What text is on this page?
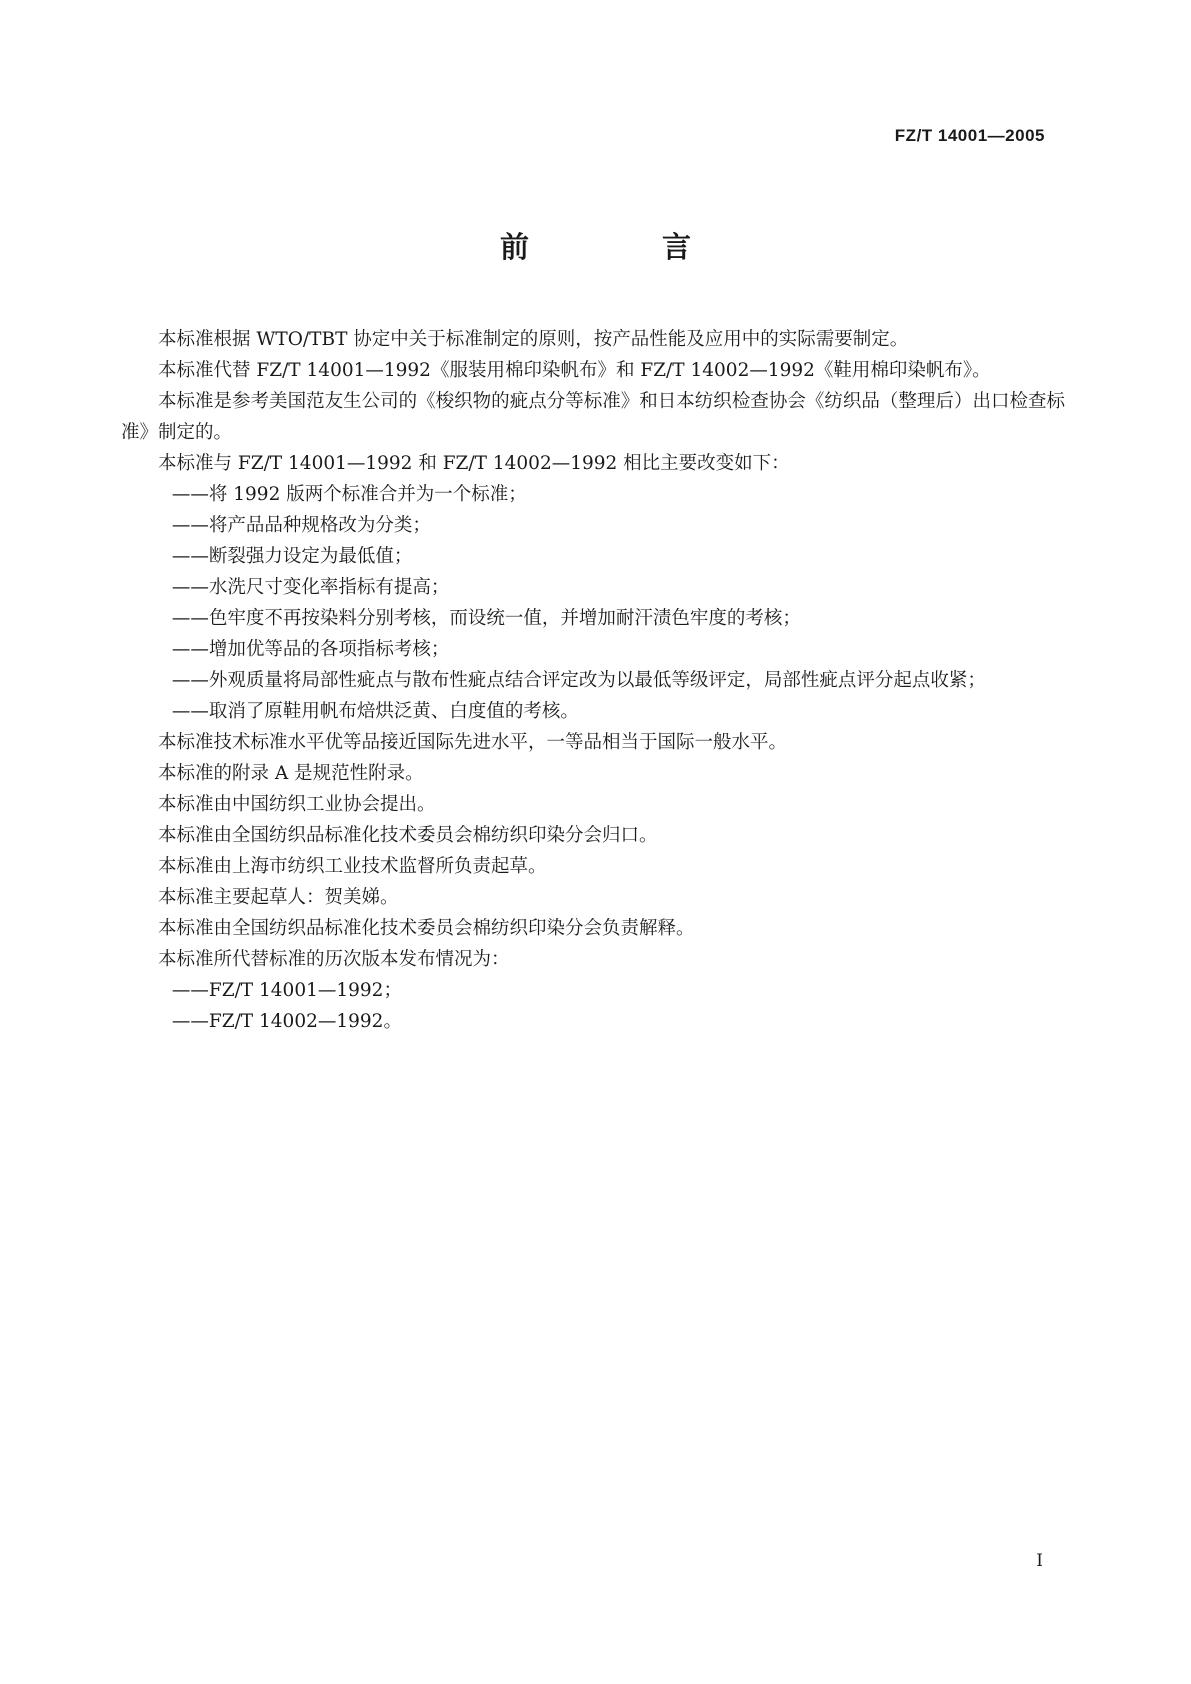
FZ/T 14001—2005
前　言

本标准根据 WTO/TBT 协定中关于标准制定的原则，按产品性能及应用中的实际需要制定。

本标准代替 FZ/T 14001—1992《服装用棉印染帆布》和 FZ/T 14002—1992《鞋用棉印染帆布》。

本标准是参考美国范友生公司的《梭织物的疵点分等标准》和日本纺织检查协会《纺织品（整理后）出口检查标准》制定的。

本标准与 FZ/T 14001—1992 和 FZ/T 14002—1992 相比主要改变如下：

——将 1992 版两个标准合并为一个标准；

——将产品品种规格改为分类；

——断裂强力设定为最低值；

——水洗尺寸变化率指标有提高；

——色牢度不再按染料分别考核，而设统一值，并增加耐汗渍色牢度的考核；

——增加优等品的各项指标考核；

——外观质量将局部性疵点与散布性疵点结合评定改为以最低等级评定，局部性疵点评分起点收紧；

——取消了原鞋用帆布焙烘泛黄、白度值的考核。

本标准技术标准水平优等品接近国际先进水平，一等品相当于国际一般水平。

本标准的附录 A 是规范性附录。

本标准由中国纺织工业协会提出。

本标准由全国纺织品标准化技术委员会棉纺织印染分会归口。

本标准由上海市纺织工业技术监督所负责起草。

本标准主要起草人：贺美娣。

本标准由全国纺织品标准化技术委员会棉纺织印染分会负责解释。

本标准所代替标准的历次版本发布情况为：

——FZ/T 14001—1992；

——FZ/T 14002—1992。

I
